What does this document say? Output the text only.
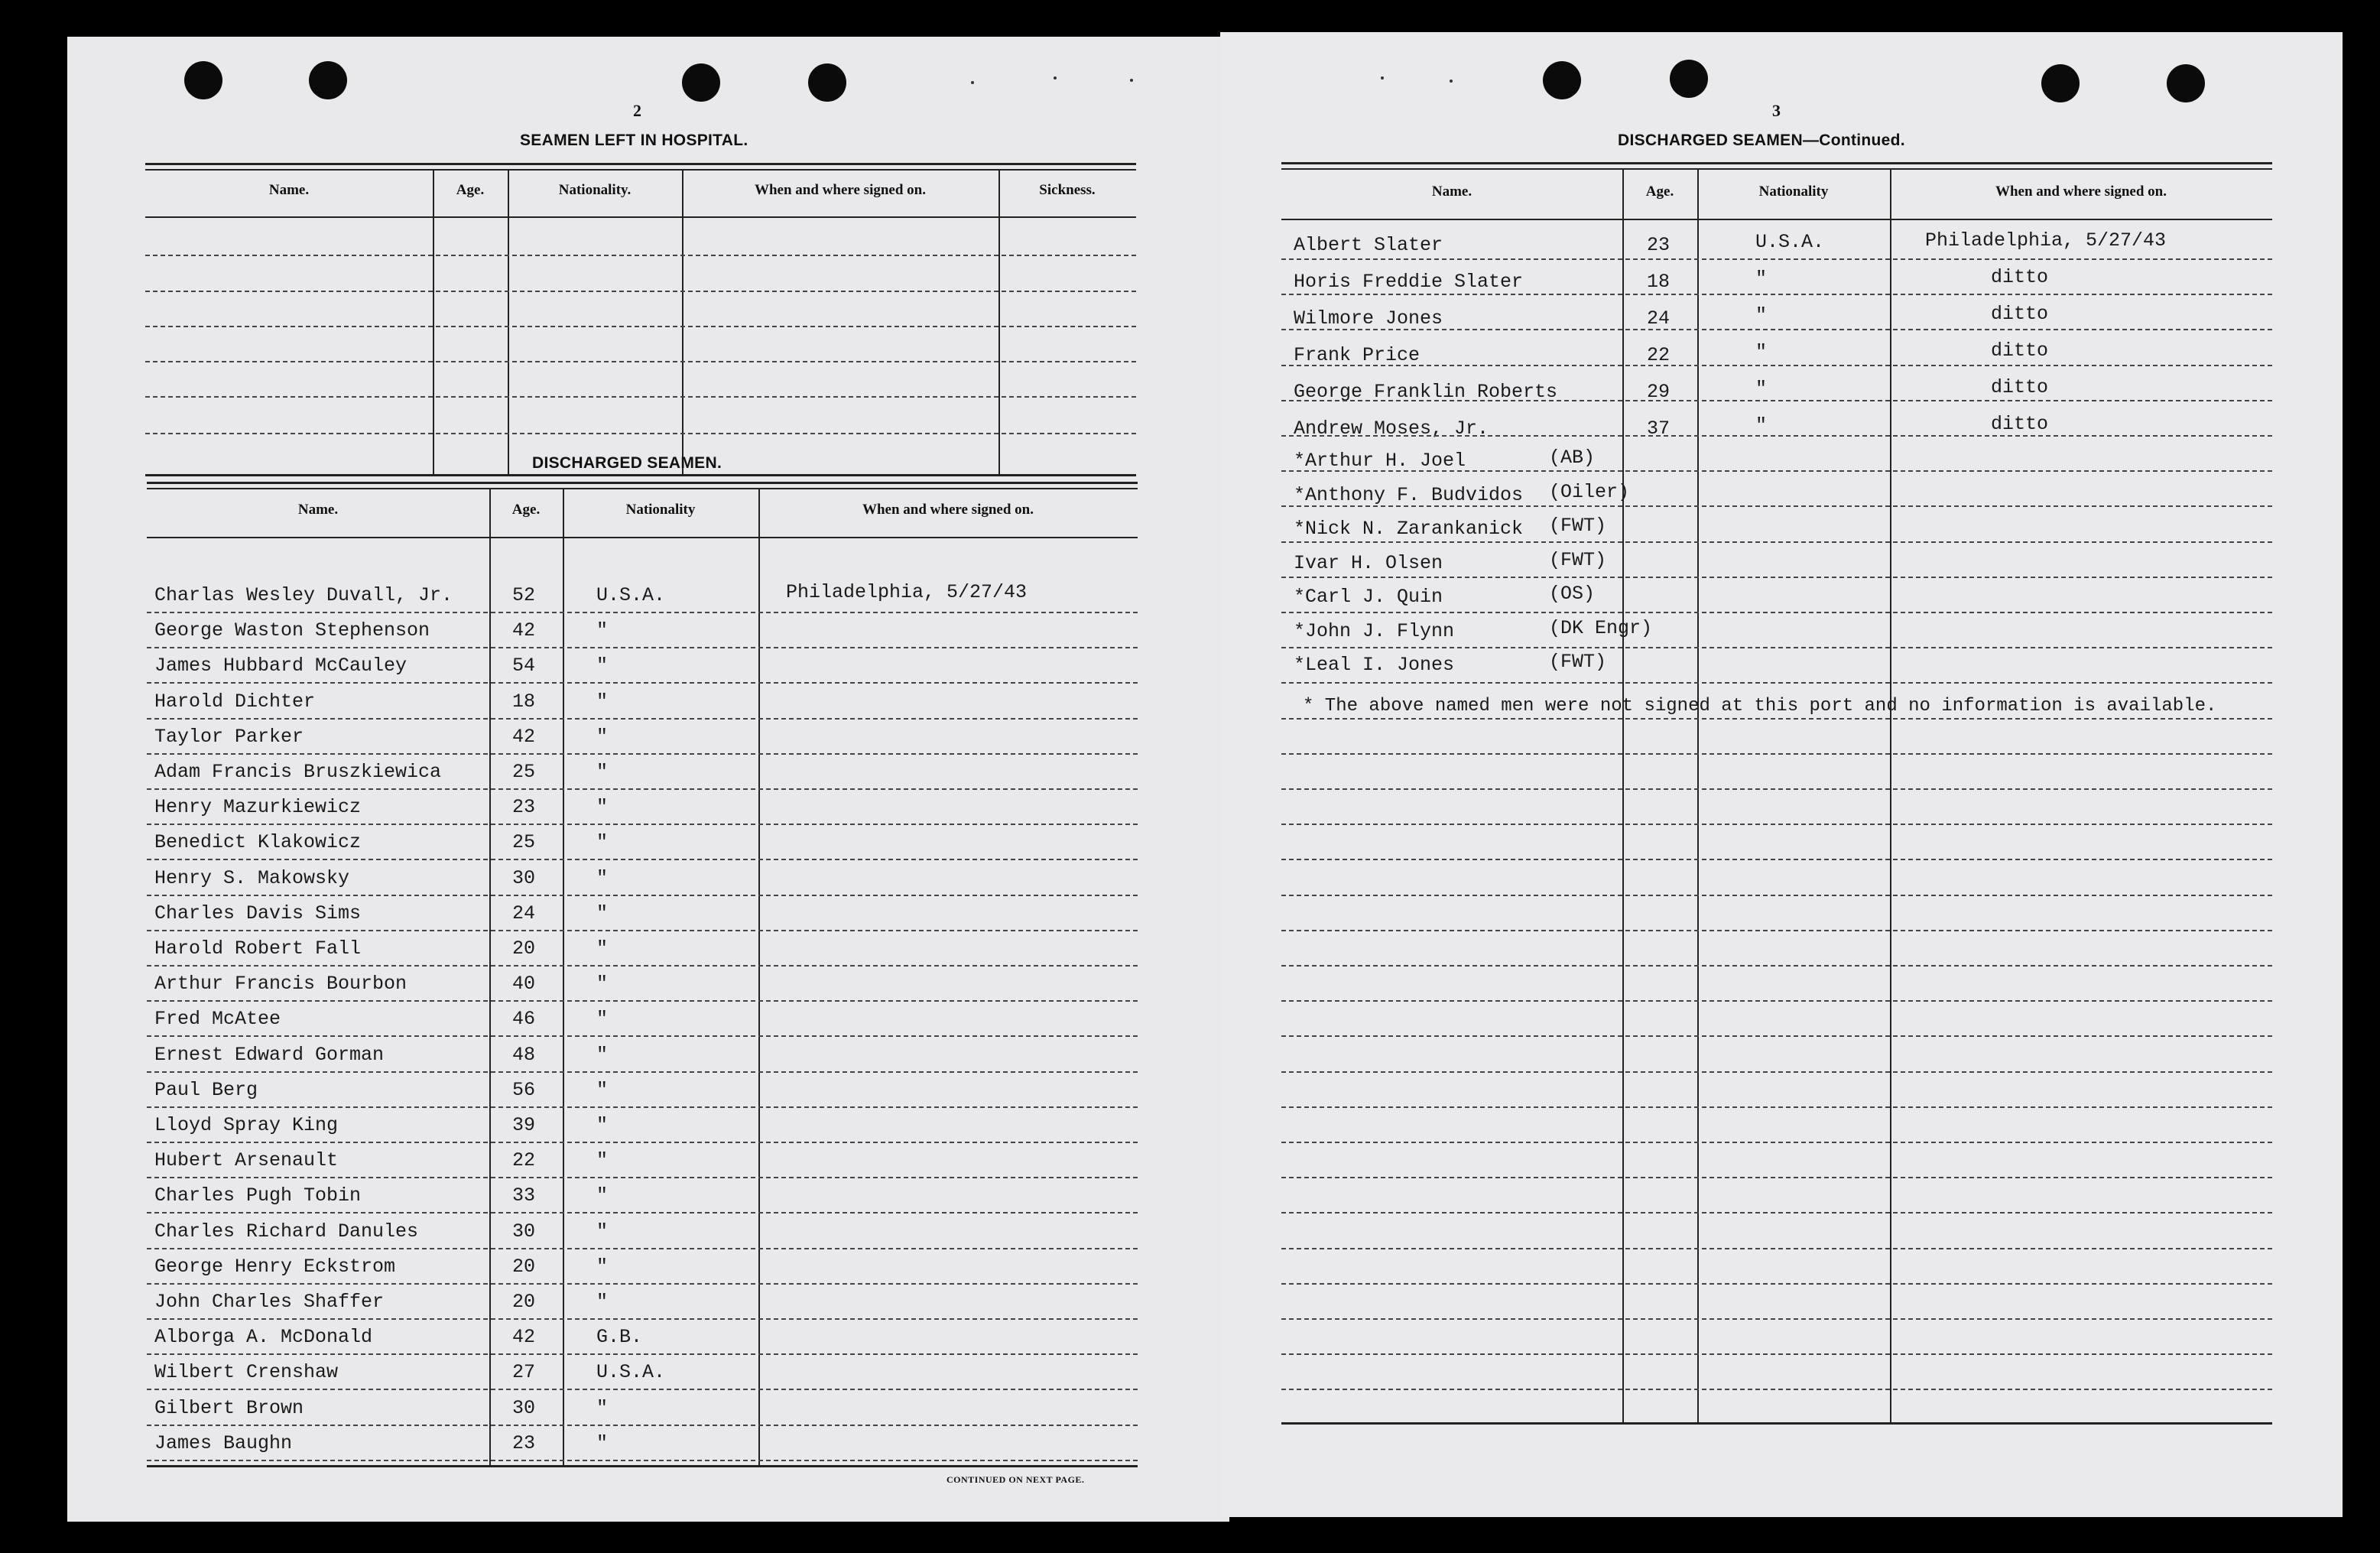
2
SEAMEN LEFT IN HOSPITAL.
Name.	Age.	Nationality.	When and where signed on.	Sickness.
DISCHARGED SEAMEN.
Name.	Age.	Nationality	When and where signed on.
Charlas Wesley Duvall, Jr.	52	U.S.A.	Philadelphia, 5/27/43
George Waston Stephenson	42	"
James Hubbard McCauley	54	"
Harold Dichter	18	"
Taylor Parker	42	"
Adam Francis Bruszkiewica	25	"
Henry Mazurkiewicz	23	"
Benedict Klakowicz	25	"
Henry S. Makowsky	30	"
Charles Davis Sims	24	"
Harold Robert Fall	20	"
Arthur Francis Bourbon	40	"
Fred McAtee	46	"
Ernest Edward Gorman	48	"
Paul Berg	56	"
Lloyd Spray King	39	"
Hubert Arsenault	22	"
Charles Pugh Tobin	33	"
Charles Richard Danules	30	"
George Henry Eckstrom	20	"
John Charles Shaffer	20	"
Alborga A. McDonald	42	G.B.
Wilbert Crenshaw	27	U.S.A.
Gilbert Brown	30	"
James Baughn	23	"
CONTINUED ON NEXT PAGE.
3
DISCHARGED SEAMEN—Continued.
Name.	Age.	Nationality	When and where signed on.
Albert Slater	23	U.S.A.	Philadelphia, 5/27/43
Horis Freddie Slater	18	"	ditto
Wilmore Jones	24	"	ditto
Frank Price	22	"	ditto
George Franklin Roberts	29	"	ditto
Andrew Moses, Jr.	37	"	ditto
*Arthur H. Joel	(AB)
*Anthony F. Budvidos (Oiler)
*Nick N. Zarankanick (FWT)
Ivar H. Olsen	(FWT)
*Carl J. Quin	(OS)
*John J. Flynn	(DK Engr)
*Leal I. Jones	(FWT)
* The above named men were not signed at this port and no information is available.
